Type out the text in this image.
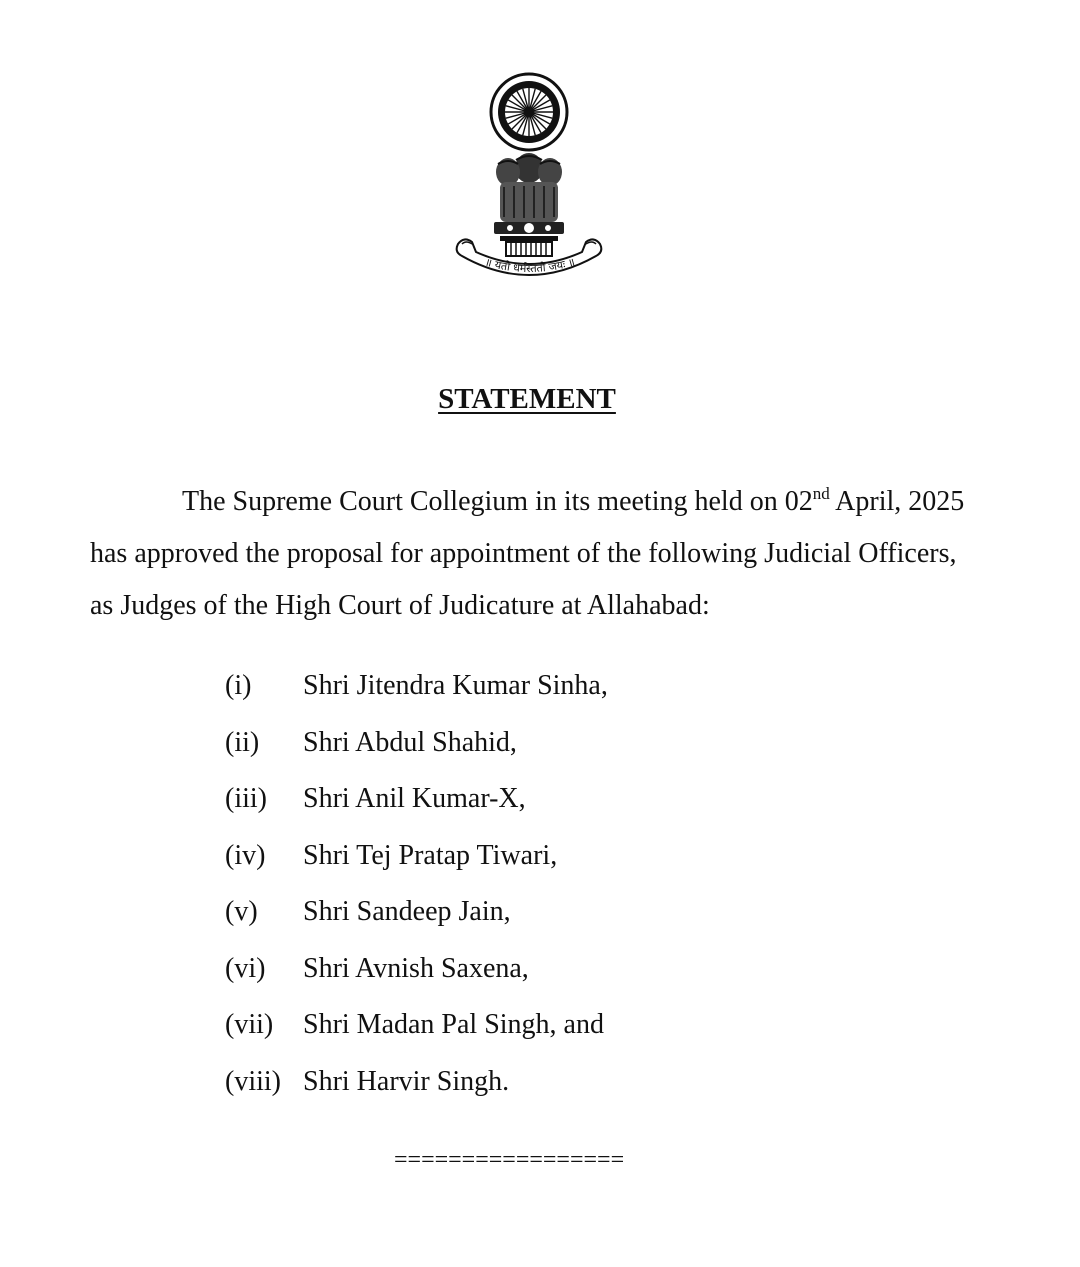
॥ यतो धर्मस्ततो जयः ॥
STATEMENT
The Supreme Court Collegium in its meeting held on 02nd April, 2025
has approved the proposal for appointment of the following Judicial Officers,
as Judges of the High Court of Judicature at Allahabad:
(i) Shri Jitendra Kumar Sinha,
(ii) Shri Abdul Shahid,
(iii) Shri Anil Kumar-X,
(iv) Shri Tej Pratap Tiwari,
(v) Shri Sandeep Jain,
(vi) Shri Avnish Saxena,
(vii) Shri Madan Pal Singh, and
(viii) Shri Harvir Singh.
=================
